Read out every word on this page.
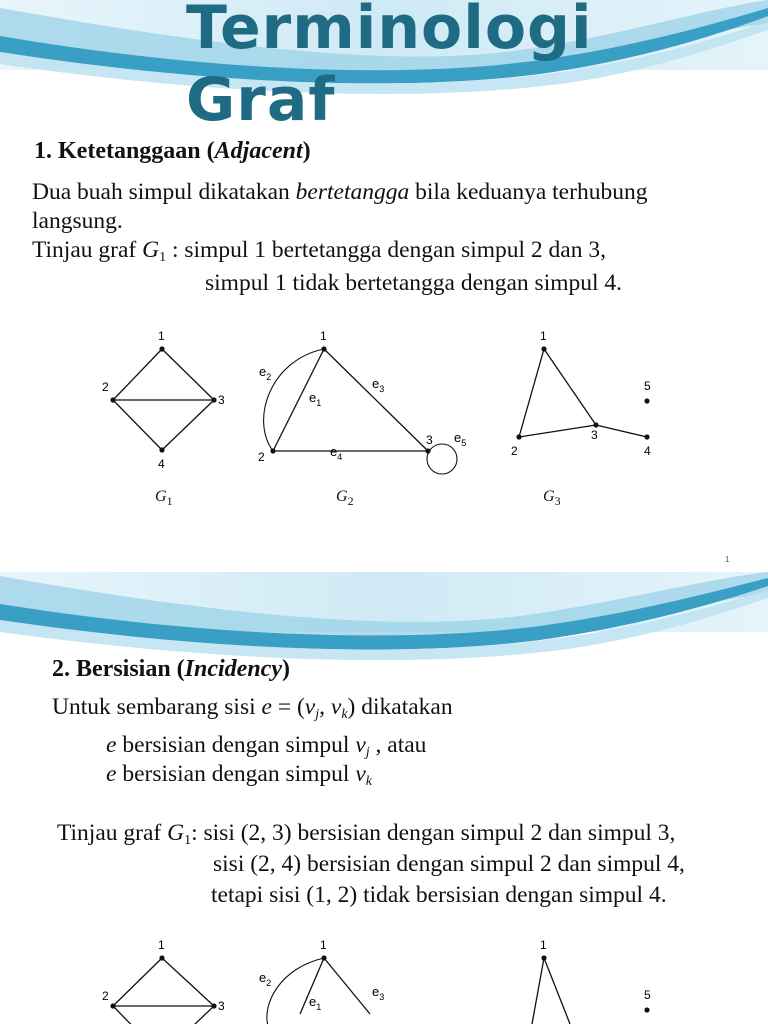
Terminologi
Graf
1. Ketetanggaan (Adjacent)
Dua buah simpul dikatakan bertetangga bila keduanya terhubung
langsung.
Tinjau graf $G_1$ : simpul 1 bertetangga dengan simpul 2 dan 3,
simpul 1 tidak bertetangga dengan simpul 4.
1
2
3
4
1
2
3
$e_1$
$e_2$	$e_3$
$e_4$
$e_5$
1
2
3
4
5
$G_1$	$G_2$	$G_3$
1
2. Bersisian (Incidency)
Untuk sembarang sisi $e = (v_j$, $v_k$) dikatakan
e bersisian dengan simpul $v_j$ , atau
e bersisian dengan simpul $v_k$
Tinjau graf $G_1$: sisi (2, 3) bersisian dengan simpul 2 dan simpul 3,
sisi (2, 4) bersisian dengan simpul 2 dan simpul 4,
tetapi sisi (1, 2) tidak bersisian dengan simpul 4.
1
2
3
1
$e_2$
$e_1$
$e_3$
1
5
